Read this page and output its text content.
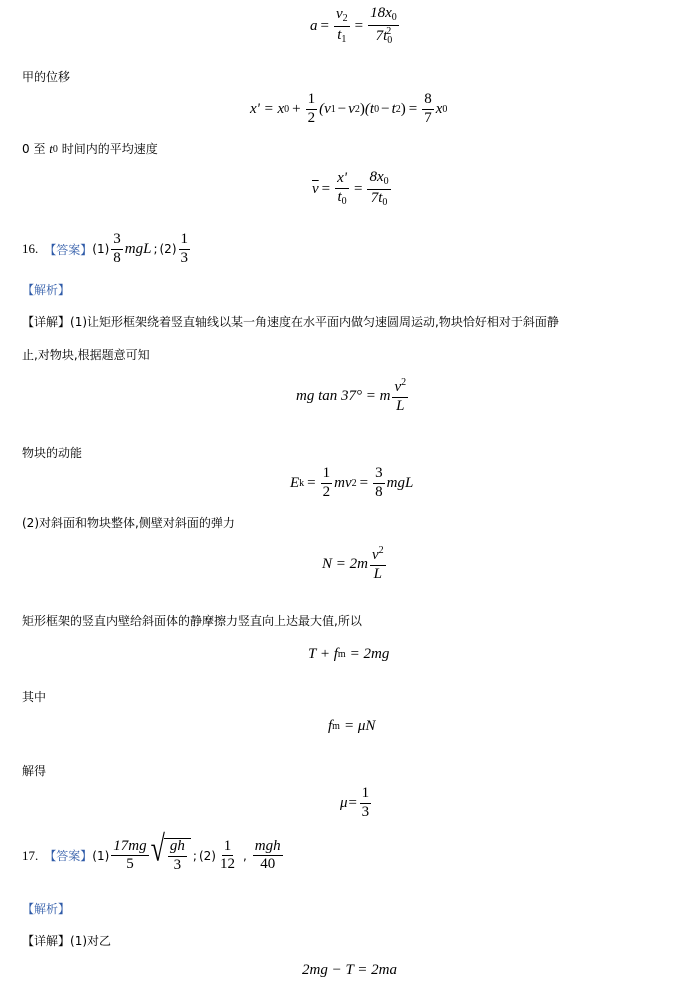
$a = \frac{v_2}{t_1} = \frac{18x_0}{7t_0^2}$
甲的位移
x' = x $0 + \frac{1}{2} (v$ 1 − v 2 ) (t 0 − t 2 ) = $\frac{8}{7}$ x 0
0 至 t 0 时间内的平均速度
$\overline{v} = \frac{x'}{t_0} = \frac{8x_0}{7t_0}$
16. 【答案】 $(1) \frac{3}{8}$ mgL ; $(2) \frac{1}{3}$
【解析】
【详解】(1)让矩形框架绕着竖直轴线以某一角速度在水平面内做匀速圆周运动,物块恰好相对于斜面静
止,对物块,根据题意可知
mg tan 37° = m $\frac{v^2}{L}$
物块的动能
E $k = \frac{1}{2}$ mv $2 = \frac{3}{8}$ mgL
(2)对斜面和物块整体,侧壁对斜面的弹力
$N = 2m \frac{v^2}{L}$
矩形框架的竖直内壁给斜面体的静摩擦力竖直向上达最大值,所以
T + f m = 2mg
其中
f m = μN
解得
$\mu= \frac{1}{3}$
17. 【答案】 $(1) \frac{17mg}{5}$ √ $\frac{gh}{3}$ ; $(2) \frac{1}{12}$ , $\frac{\text{mgh}}{40}$
【解析】
【详解】(1)对乙
2mg − T = 2ma
